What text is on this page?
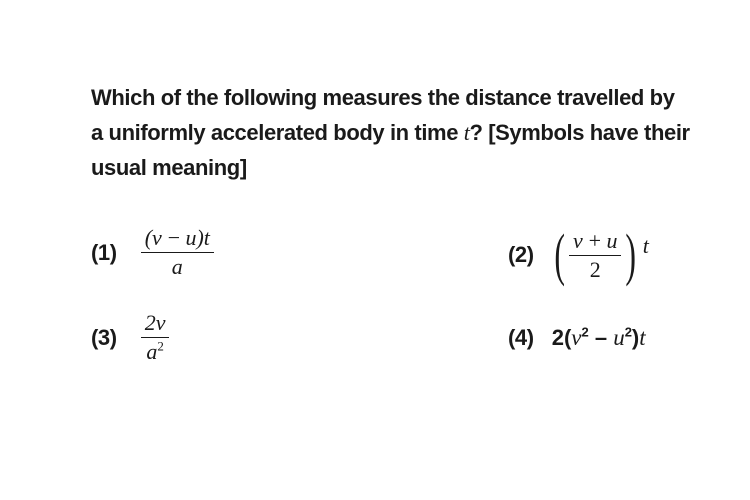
Which of the following measures the distance travelled by
a uniformly accelerated body in time t? [Symbols have their
usual meaning]
$(1) \frac{(v - u)t}{a}$	(2) ( $\frac{v + u}{2}$ ) t
$(3) \frac{2v}{a^2}$	(4) $2(v^2 - u^2)t$
